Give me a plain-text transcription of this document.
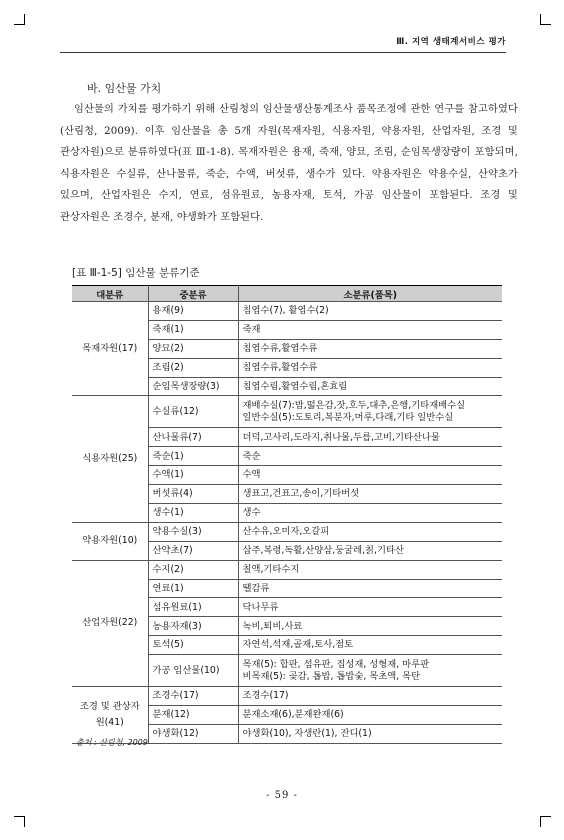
Ⅲ. 지역 생태계서비스 평가
바. 임산물 가치

임산물의 가치를 평가하기 위해 산림청의 임산물생산통계조사 품목조정에 관한 연구를 참고하였다(산림청, 2009). 이후 임산물을 총 5개 자원(목재자원, 식용자원, 약용자원, 산업자원, 조경 및 관상자원)으로 분류하였다(표 Ⅲ-1-8). 목재자원은 용재, 죽재, 양묘, 조림, 순임목생장량이 포함되며, 식용자원은 수실류, 산나물류, 죽순, 수액, 버섯류, 생수가 있다. 약용자원은 약용수실, 산약초가 있으며, 산업자원은 수지, 연료, 섬유원료, 농용자재, 토석, 가공 임산물이 포함된다. 조경 및 관상자원은 조경수, 분재, 야생화가 포함된다.

[표 Ⅲ-1-5] 임산물 분류기준

대분류	중분류	소분류(품목)
목재자원(17)	용재(9)	침엽수(7), 활엽수(2)

	죽재(1)	죽재

	양묘(2)	침엽수류,활엽수류

	조림(2)	침엽수류,활엽수류

	순임목생장량(3)	침엽수림,활엽수림,혼효림

식용자원(25)	수실류(12)	재배수실(7):밤,떫은감,잣,호두,대추,은행,기타재배수실
일반수실(5):도토리,복분자,머루,다래,기타 일반수실

	산나물류(7)	더덕,고사리,도라지,취나물,두릅,고비,기타산나물

	죽순(1)	죽순

	수액(1)	수액

	버섯류(4)	생표고,건표고,송이,기타버섯

	생수(1)	생수

약용자원(10)	약용수실(3)	산수유,오미자,오갈피

	산약초(7)	삽주,복령,독활,산양삼,둥굴레,칡,기타산

산업자원(22)	수지(2)	칠액,기타수지

	연료(1)	땔감류

	섬유원료(1)	닥나무류

	농용자재(3)	녹비,퇴비,사료

	토석(5)	자연석,석재,골재,토사,점토

	가공 임산물(10)	목재(5): 합판, 섬유판, 집성재, 성형재, 마루판
비목재(5): 곶감, 톱밥, 톱밥숯, 목초액, 목탄

조경 및 관상자원(41)	조경수(17)	조경수(17)

	분재(12)	분재소재(6),분재완재(6)

	야생화(12)	야생화(10), 자생란(1), 잔디(1)

출처 : 산림청, 2009

- 59 -
